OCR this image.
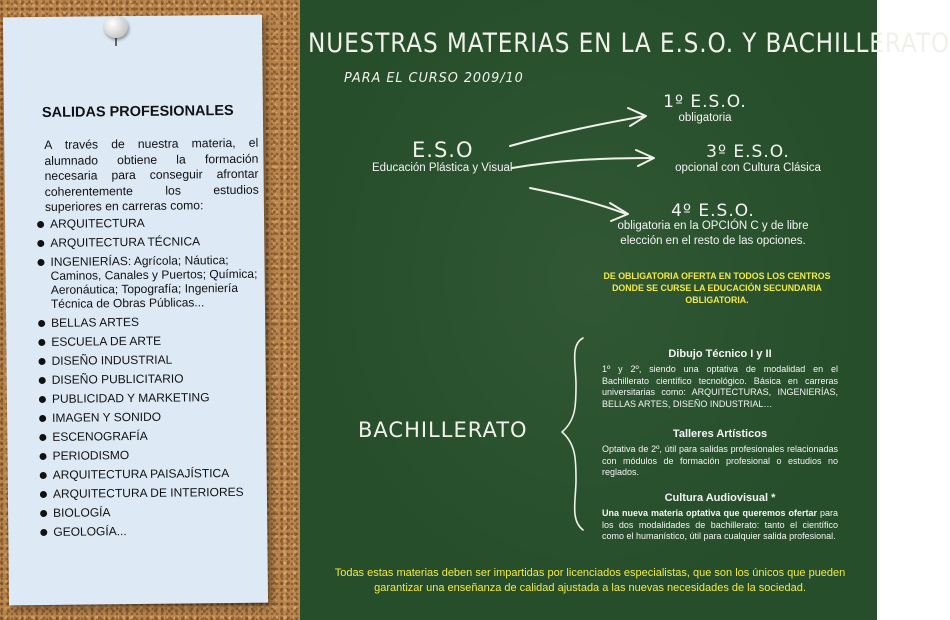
SALIDAS PROFESIONALES
A través de nuestra materia, el alumnado obtiene la formación necesaria para conseguir afrontar coherentemente los estudios superiores en carreras como:
ARQUITECTURA
ARQUITECTURA TÉCNICA
INGENIERÍAS: Agrícola; Náutica; Caminos, Canales y Puertos; Química; Aeronáutica; Topografía; Ingeniería Técnica de Obras Públicas...
BELLAS ARTES
ESCUELA DE ARTE
DISEÑO INDUSTRIAL
DISEÑO PUBLICITARIO
PUBLICIDAD Y MARKETING
IMAGEN Y SONIDO
ESCENOGRAFÍA
PERIODISMO
ARQUITECTURA PAISAJÍSTICA
ARQUITECTURA DE INTERIORES
BIOLOGÍA
GEOLOGÍA...
NUESTRAS MATERIAS EN LA E.S.O. Y BACHILLERATO
PARA EL CURSO 2009/10
E.S.O
Educación Plástica y Visual
1º E.S.O.
obligatoria
3º E.S.O.
opcional con Cultura Clásica
4º E.S.O.
obligatoria en la OPCIÓN C y de libre elección en el resto de las opciones.
DE OBLIGATORIA OFERTA EN TODOS LOS CENTROS DONDE SE CURSE LA EDUCACIÓN SECUNDARIA OBLIGATORIA.
BACHILLERATO
Dibujo Técnico I y II
1º y 2º, siendo una optativa de modalidad en el Bachillerato científico tecnológico. Básica en carreras universitarias como: ARQUITECTURAS, INGENIERÍAS, BELLAS ARTES, DISEÑO INDUSTRIAL…
Talleres Artísticos
Optativa de 2º, útil para salidas profesionales relacionadas con módulos de formación profesional o estudios no reglados.
Cultura Audiovisual *
Una nueva materia optativa que queremos ofertar para los dos modalidades de bachillerato: tanto el científico como el humanístico, útil para cualquier salida profesional.
Todas estas materias deben ser impartidas por licenciados especialistas, que son los únicos que pueden garantizar una enseñanza de calidad ajustada a las nuevas necesidades de la sociedad.
